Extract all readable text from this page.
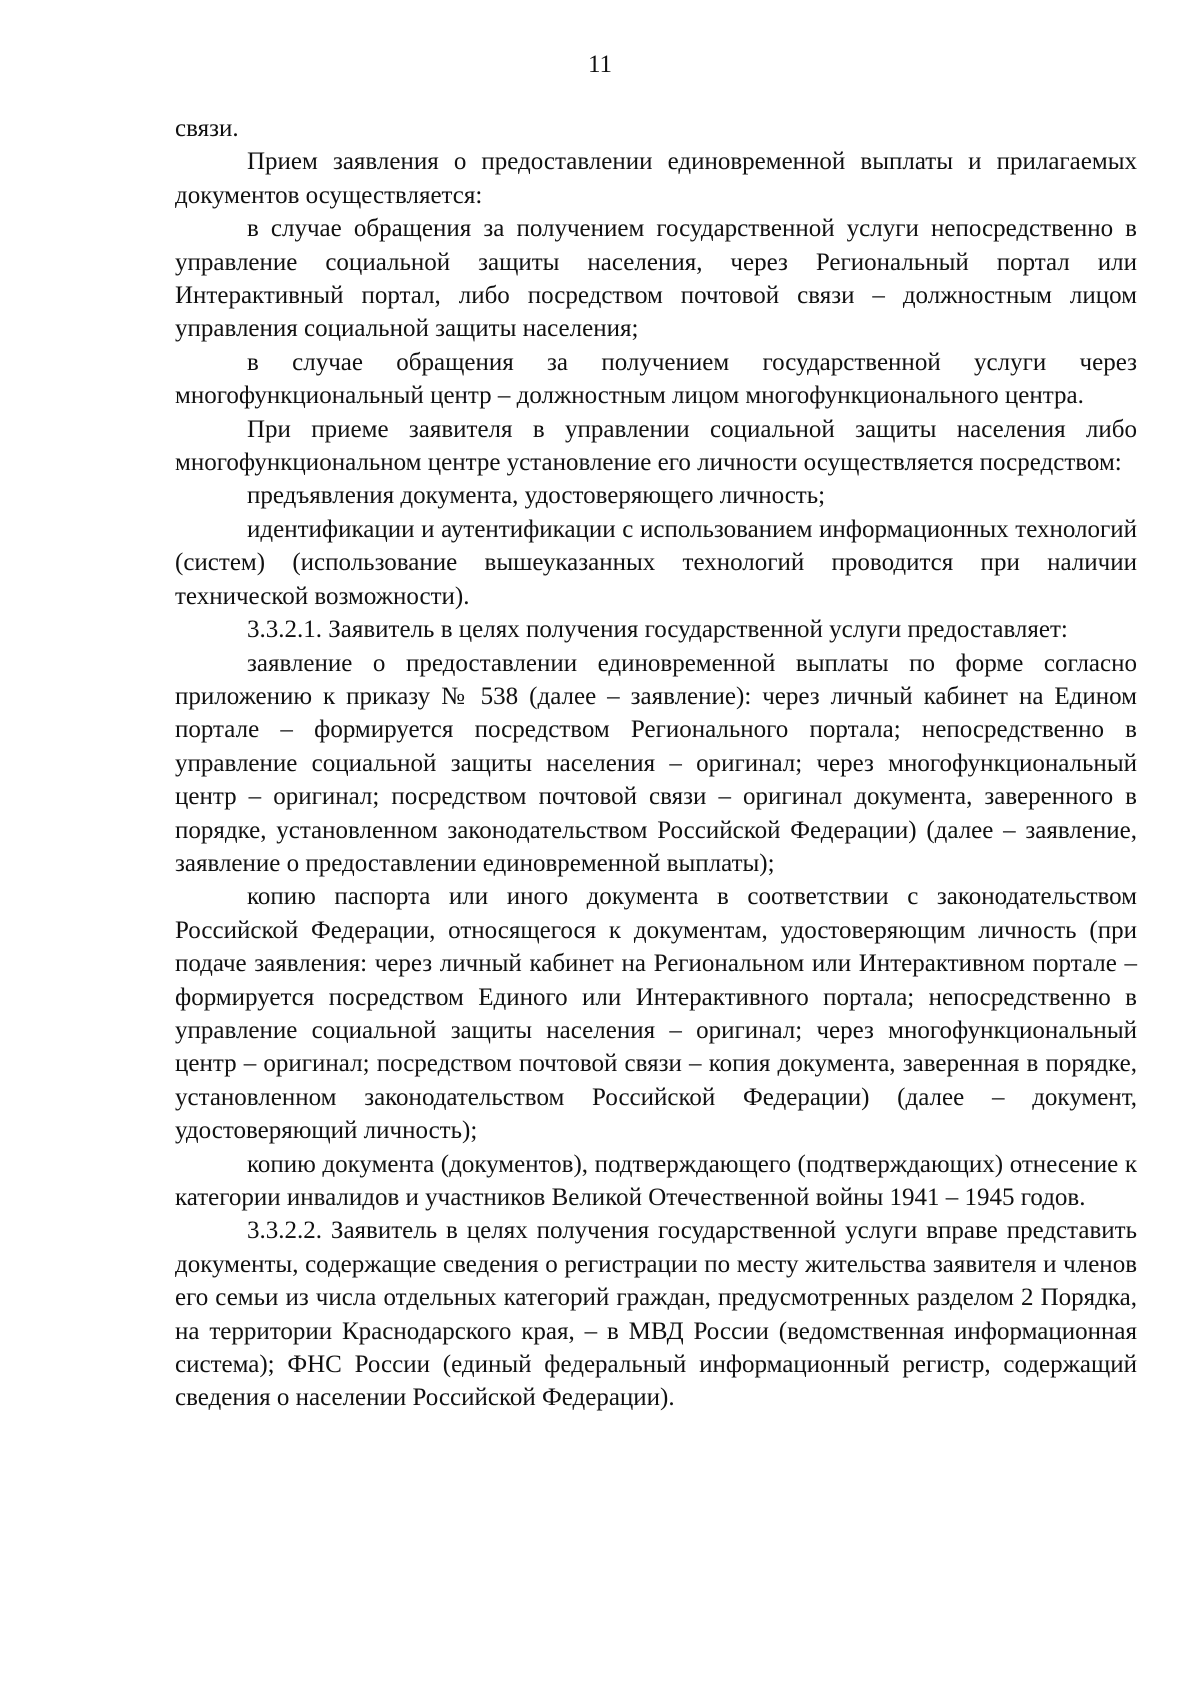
11

связи.

Прием заявления о предоставлении единовременной выплаты и прилагаемых документов осуществляется:

в случае обращения за получением государственной услуги непосредственно в управление социальной защиты населения, через Региональный портал или Интерактивный портал, либо посредством почтовой связи – должностным лицом управления социальной защиты населения;

в случае обращения за получением государственной услуги через многофункциональный центр – должностным лицом многофункционального центра.

При приеме заявителя в управлении социальной защиты населения либо многофункциональном центре установление его личности осуществляется посредством:

предъявления документа, удостоверяющего личность;

идентификации и аутентификации с использованием информационных технологий (систем) (использование вышеуказанных технологий проводится при наличии технической возможности).

3.3.2.1. Заявитель в целях получения государственной услуги предоставляет:

заявление о предоставлении единовременной выплаты по форме согласно приложению к приказу № 538 (далее – заявление): через личный кабинет на Едином портале – формируется посредством Регионального портала; непосредственно в управление социальной защиты населения – оригинал; через многофункциональный центр – оригинал; посредством почтовой связи – оригинал документа, заверенного в порядке, установленном законодательством Российской Федерации) (далее – заявление, заявление о предоставлении единовременной выплаты);

копию паспорта или иного документа в соответствии с законодательством Российской Федерации, относящегося к документам, удостоверяющим личность (при подаче заявления: через личный кабинет на Региональном или Интерактивном портале – формируется посредством Единого или Интерактивного портала; непосредственно в управление социальной защиты населения – оригинал; через многофункциональный центр – оригинал; посредством почтовой связи – копия документа, заверенная в порядке, установленном законодательством Российской Федерации) (далее – документ, удостоверяющий личность);

копию документа (документов), подтверждающего (подтверждающих) отнесение к категории инвалидов и участников Великой Отечественной войны 1941 – 1945 годов.

3.3.2.2. Заявитель в целях получения государственной услуги вправе представить документы, содержащие сведения о регистрации по месту жительства заявителя и членов его семьи из числа отдельных категорий граждан, предусмотренных разделом 2 Порядка, на территории Краснодарского края, – в МВД России (ведомственная информационная система); ФНС России (единый федеральный информационный регистр, содержащий сведения о населении Российской Федерации).
